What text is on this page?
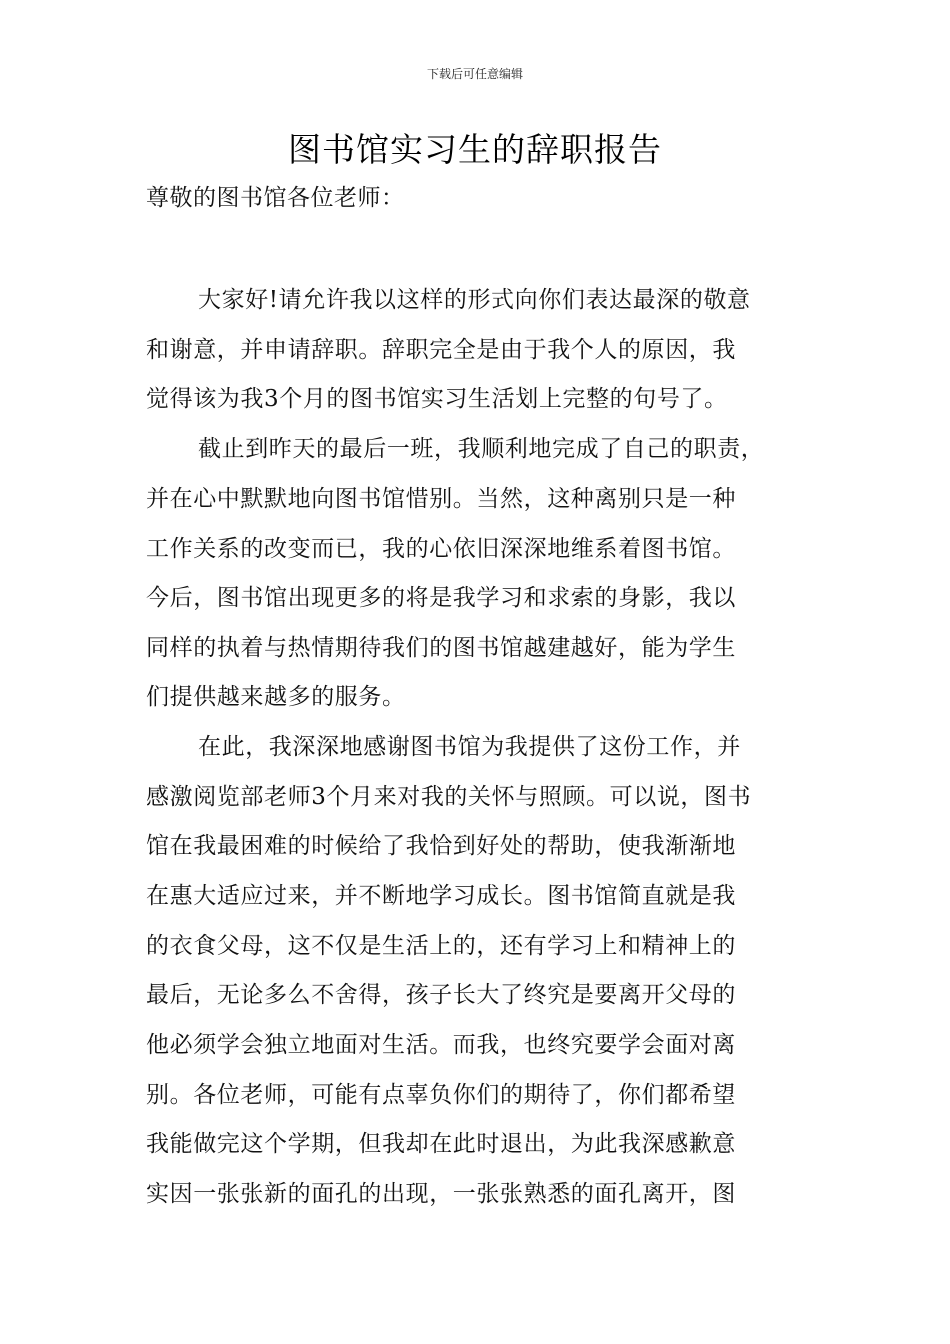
下载后可任意编辑
图书馆实习生的辞职报告
尊敬的图书馆各位老师：
大家好!请允许我以这样的形式向你们表达最深的敬意
和谢意，并申请辞职。辞职完全是由于我个人的原因，我
觉得该为我3个月的图书馆实习生活划上完整的句号了。
截止到昨天的最后一班，我顺利地完成了自己的职责，
并在心中默默地向图书馆惜别。当然，这种离别只是一种
工作关系的改变而已，我的心依旧深深地维系着图书馆。
今后，图书馆出现更多的将是我学习和求索的身影，我以
同样的执着与热情期待我们的图书馆越建越好，能为学生
们提供越来越多的服务。
在此，我深深地感谢图书馆为我提供了这份工作，并
感激阅览部老师3个月来对我的关怀与照顾。可以说，图书
馆在我最困难的时候给了我恰到好处的帮助，使我渐渐地
在惠大适应过来，并不断地学习成长。图书馆简直就是我
的衣食父母，这不仅是生活上的，还有学习上和精神上的
最后，无论多么不舍得，孩子长大了终究是要离开父母的
他必须学会独立地面对生活。而我，也终究要学会面对离
别。各位老师，可能有点辜负你们的期待了，你们都希望
我能做完这个学期，但我却在此时退出，为此我深感歉意
实因一张张新的面孔的出现，一张张熟悉的面孔离开，图
